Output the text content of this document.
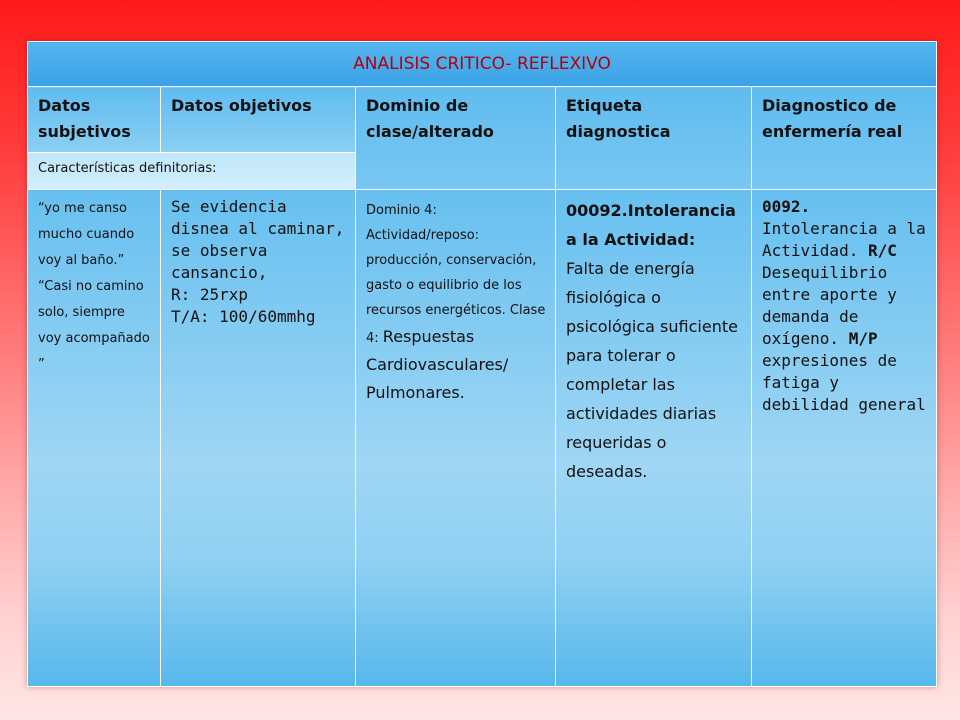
ANALISIS CRITICO- REFLEXIVO				
Datos subjetivos	Datos objetivos	Dominio de clase/alterado	Etiqueta diagnostica	Diagnostico de enfermería real
Características definitorias:				

“yo me canso mucho cuando voy al baño.”
“Casi no camino solo, siempre voy acompañado ”	Se evidencia disnea al caminar, se observa cansancio,
R: 25rxp
T/A: 100/60mmhg	Dominio 4: Actividad/reposo: producción, conservación, gasto o equilibrio de los recursos energéticos. Clase 4: Respuestas Cardiovasculares/ Pulmonares.	00092.Intolerancia a la Actividad:
Falta de energía fisiológica o psicológica suficiente para tolerar o completar las actividades diarias requeridas o deseadas.	0092.
Intolerancia a la Actividad. R/C Desequilibrio entre aporte y demanda de oxígeno. M/P expresiones de fatiga y debilidad general
